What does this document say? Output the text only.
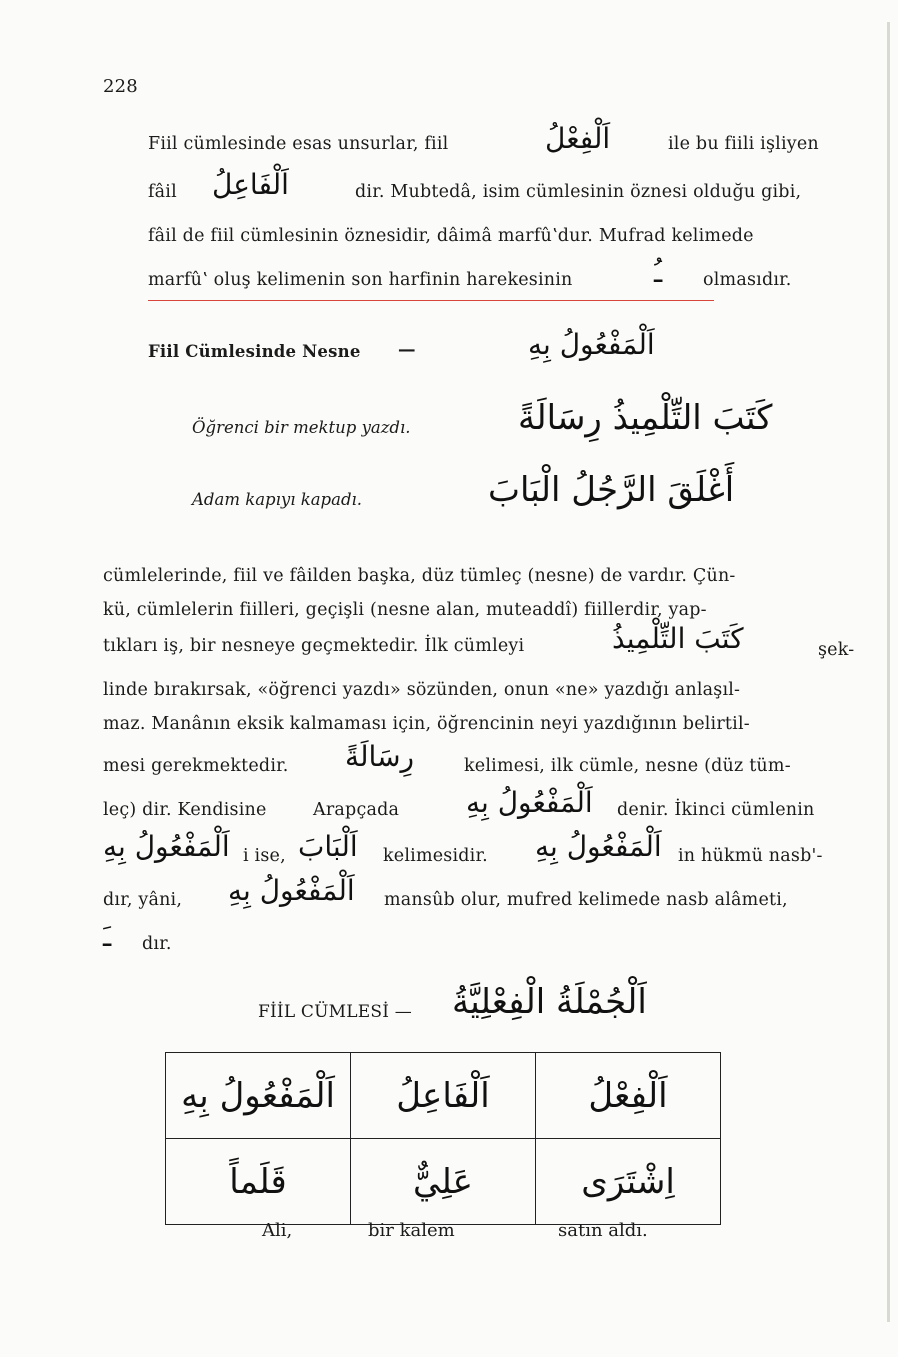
228
Fiil cümlesinde esas unsurlar, fiil	اَلْفِعْلُ	ile bu fiili işliyen
fâil اَلْفَاعِلُ	dir. Mubtedâ, isim cümlesinin öznesi olduğu gibi,
fâil de fiil cümlesinin öznesidir, dâimâ marfûʽdur. Mufrad kelimede
marfûʽ oluş kelimenin son harfinin harekesinin	ـُ olmasıdır.
Fiil Cümlesinde Nesne —	اَلْمَفْعُولُ بِهِ
Öğrenci bir mektup yazdı.	كَتَبَ التِّلْمِيذُ رِسَالَةً
Adam kapıyı kapadı.	أَغْلَقَ الرَّجُلُ الْبَابَ
cümlelerinde, fiil ve fâilden başka, düz tümleç (nesne) de vardır. Çün-
kü, cümlelerin fiilleri, geçişli (nesne alan, muteaddî) fiillerdir, yap-
tıkları iş, bir nesneye geçmektedir. İlk cümleyi	كَتَبَ التِّلْمِيذُ	şek-
linde bırakırsak, «öğrenci yazdı» sözünden, onun «ne» yazdığı anlaşıl-
maz. Manânın eksik kalmaması için, öğrencinin neyi yazdığının belirtil-
mesi gerekmektedir. رِسَالَةً	kelimesi, ilk cümle, nesne (düz tüm-
leç) dir. Kendisine	Arapçada اَلْمَفْعُولُ بِهِ denir. İkinci cümlenin
اَلْمَفْعُولُ بِهِ i ise, اَلْبَابَ kelimesidir. اَلْمَفْعُولُ بِهِ in hükmü nasb'-
dır, yâni, اَلْمَفْعُولُ بِهِ mansûb olur, mufred kelimede nasb alâmeti,
ـَ dır.
FİİL CÜMLESİ — اَلْجُمْلَةُ الْفِعْلِيَّةُ
اَلْمَفْعُولُ بِهِ	اَلْفَاعِلُ	اَلْفِعْلُ
قَلَماً	عَلِيٌّ	اِشْتَرَى
Ali,	bir kalem	satın aldı.
